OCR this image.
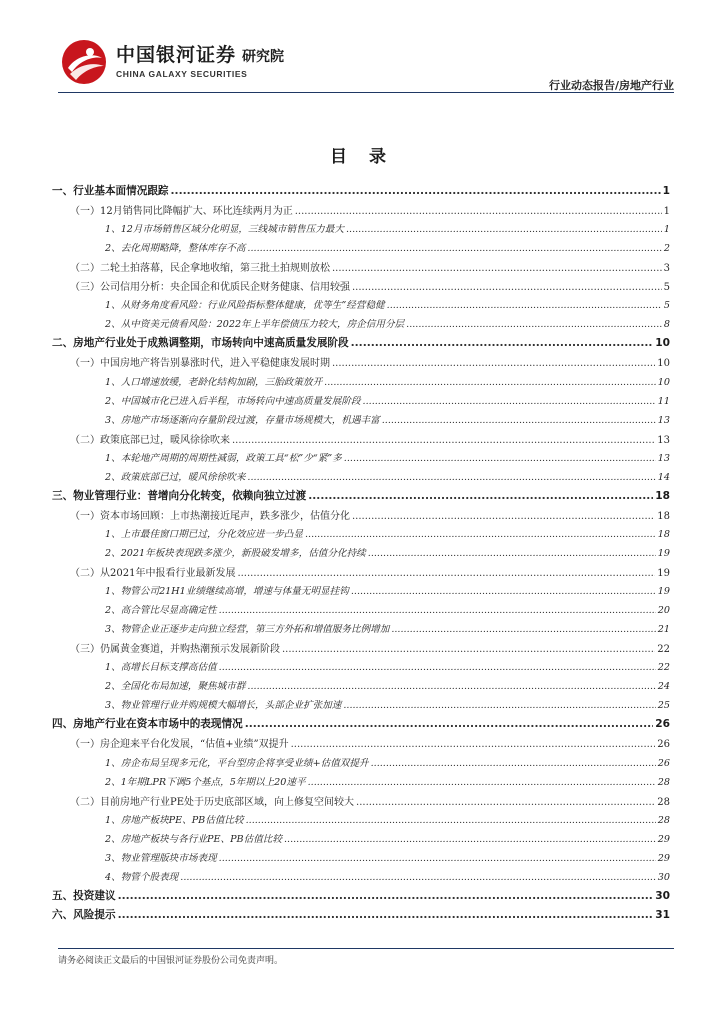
中国银河证券 研究院
CHINA GALAXY SECURITIES
行业动态报告/房地产行业
目 录
一、行业基本面情况跟踪 .....	1
（一）12月销售同比降幅扩大、环比连续两月为正 .....	1
1、12月市场销售区域分化明显，三线城市销售压力最大 .....	1
2、去化周期略降，整体库存不高 .....	2
（二）二轮土拍落幕，民企拿地收缩，第三批土拍规则放松 .....	3
（三）公司信用分析：央企国企和优质民企财务健康、信用较强 .....	5
1、从财务角度看风险：行业风险指标整体健康，优等生”经营稳健 .....	5
2、从中资美元债看风险：2022年上半年偿债压力较大，房企信用分层 .....	8
二、房地产行业处于成熟调整期，市场转向中速高质量发展阶段 .....	10
（一）中国房地产将告别暴涨时代，进入平稳健康发展时期 .....	10
1、人口增速放缓，老龄化结构加剧，三胎政策放开 .....	10
2、中国城市化已进入后半程，市场转向中速高质量发展阶段 .....	11
3、房地产市场逐渐向存量阶段过渡，存量市场规模大，机遇丰富 .....	13
（二）政策底部已过，暖风徐徐吹来 .....	13
1、本轮地产周期的周期性减弱，政策工具“松”少“紧”多 .....	13
2、政策底部已过，暖风徐徐吹来 .....	14
三、物业管理行业：普增向分化转变，依赖向独立过渡 .....	18
（一）资本市场回顾：上市热潮接近尾声，跌多涨少，估值分化 .....	18
1、上市最佳窗口期已过，分化效应进一步凸显 .....	18
2、2021年板块表现跌多涨少，新股破发增多，估值分化持续 .....	19
（二）从2021年中报看行业最新发展 .....	19
1、物管公司21H1业绩继续高增，增速与体量无明显挂钩 .....	19
2、高合管比尽显高确定性 .....	20
3、物管企业正逐步走向独立经营，第三方外拓和增值服务比例增加 .....	21
（三）仍属黄金赛道，并购热潮预示发展新阶段 .....	22
1、高增长目标支撑高估值 .....	22
2、全国化布局加速，聚焦城市群 .....	24
3、物业管理行业并购规模大幅增长，头部企业扩张加速 .....	25
四、房地产行业在资本市场中的表现情况 .....	26
（一）房企迎来平台化发展，“估值+业绩”双提升 .....	26
1、房企布局呈现多元化，平台型房企将享受业绩+估值双提升 .....	26
2、1年期LPR下调5个基点，5年期以上20速平 .....	28
（二）目前房地产行业PE处于历史底部区域，向上修复空间较大 .....	28
1、房地产板块PE、PB估值比较 .....	28
2、房地产板块与各行业PE、PB估值比较 .....	29
3、物业管理版块市场表现 .....	29
4、物管个股表现 .....	30
五、投资建议 .....	30
六、风险提示 .....	31
请务必阅读正文最后的中国银河证券股份公司免责声明。
